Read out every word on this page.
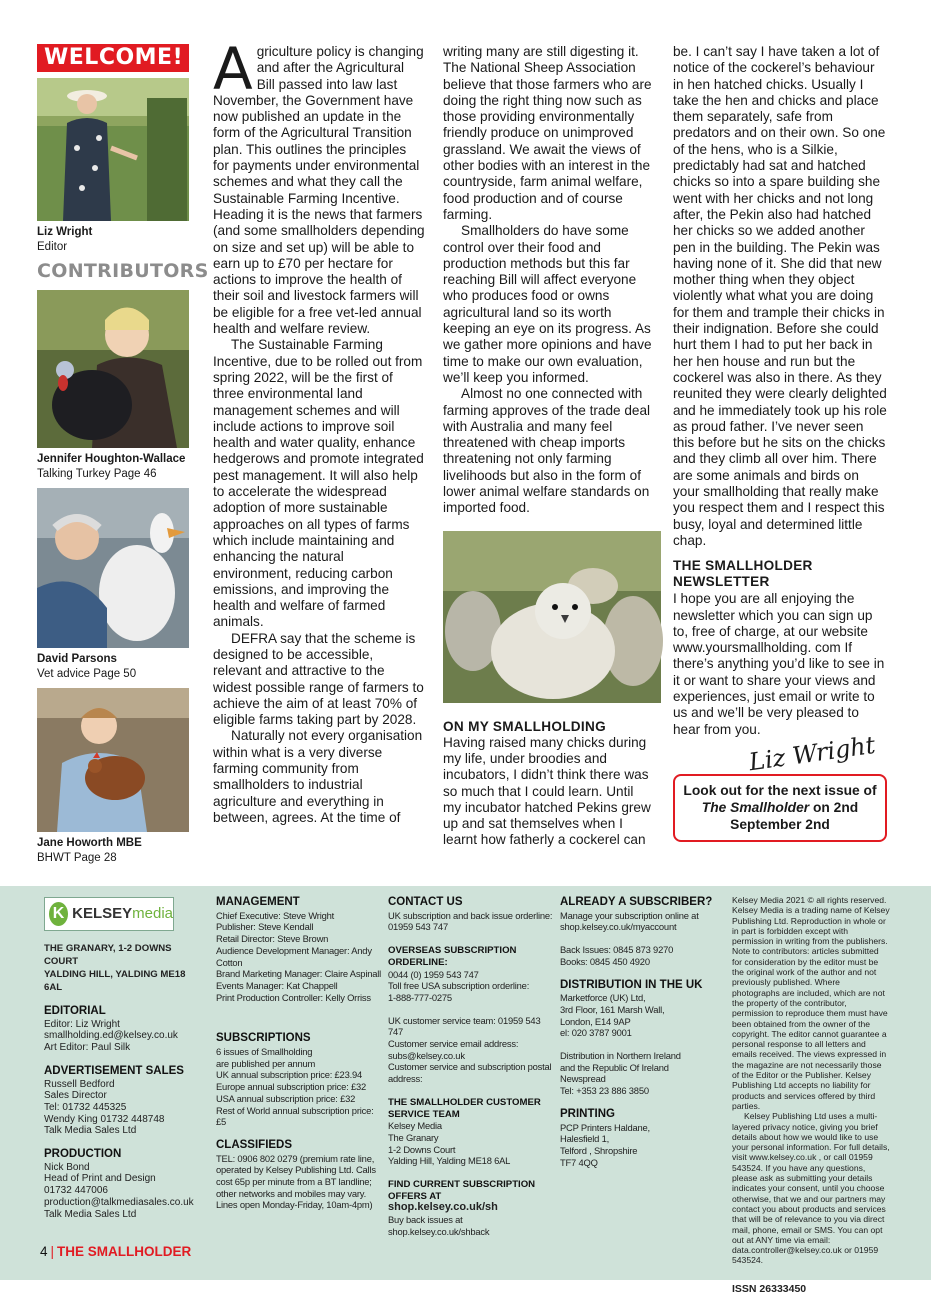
WELCOME!
Liz Wright
Editor
CONTRIBUTORS
Jennifer Houghton-Wallace
Talking Turkey Page 46
David Parsons
Vet advice Page 50
Jane Howorth MBE
BHWT Page 28

Agriculture policy is changing and after the Agricultural Bill passed into law last November, the Government have now published an update in the form of the Agricultural Transition plan. This outlines the principles for payments under environmental schemes and what they call the Sustainable Farming Incentive. Heading it is the news that farmers (and some smallholders depending on size and set up) will be able to earn up to £70 per hectare for actions to improve the health of their soil and livestock farmers will be eligible for a free vet-led annual health and welfare review.

The Sustainable Farming Incentive, due to be rolled out from spring 2022, will be the first of three environmental land management schemes and will include actions to improve soil health and water quality, enhance hedgerows and promote integrated pest management. It will also help to accelerate the widespread adoption of more sustainable approaches on all types of farms which include maintaining and enhancing the natural environment, reducing carbon emissions, and improving the health and welfare of farmed animals.

DEFRA say that the scheme is designed to be accessible, relevant and attractive to the widest possible range of farmers to achieve the aim of at least 70% of eligible farms taking part by 2028.

Naturally not every organisation within what is a very diverse farming community from smallholders to industrial agriculture and everything in between, agrees. At the time of

writing many are still digesting it. The National Sheep Association believe that those farmers who are doing the right thing now such as those providing environmentally friendly produce on unimproved grassland. We await the views of other bodies with an interest in the countryside, farm animal welfare, food production and of course farming.

Smallholders do have some control over their food and production methods but this far reaching Bill will affect everyone who produces food or owns agricultural land so its worth keeping an eye on its progress. As we gather more opinions and have time to make our own evaluation, we’ll keep you informed.

Almost no one connected with farming approves of the trade deal with Australia and many feel threatened with cheap imports threatening not only farming livelihoods but also in the form of lower animal welfare standards on imported food.

ON MY SMALLHOLDING

Having raised many chicks during my life, under broodies and incubators, I didn’t think there was so much that I could learn. Until my incubator hatched Pekins grew up and sat themselves when I learnt how fatherly a cockerel can

be. I can’t say I have taken a lot of notice of the cockerel’s behaviour in hen hatched chicks. Usually I take the hen and chicks and place them separately, safe from predators and on their own. So one of the hens, who is a Silkie, predictably had sat and hatched chicks so into a spare building she went with her chicks and not long after, the Pekin also had hatched her chicks so we added another pen in the building. The Pekin was having none of it. She did that new mother thing when they object violently what what you are doing for them and trample their chicks in their indignation. Before she could hurt them I had to put her back in her hen house and run but the cockerel was also in there. As they reunited they were clearly delighted and he immediately took up his role as proud father. I’ve never seen this before but he sits on the chicks and they climb all over him. There are some animals and birds on your smallholding that really make you respect them and I respect this busy, loyal and determined little chap.

THE SMALLHOLDER NEWSLETTER

I hope you are all enjoying the newsletter which you can sign up to, free of charge, at our website www.yoursmallholding. com If there’s anything you’d like to see in it or want to share your views and experiences, just email or write to us and we’ll be very pleased to hear from you.

Liz Wright
Look out for the next issue of The Smallholder on 2nd September 2nd
K KELSEYmedia
THE GRANARY, 1-2 DOWNS COURT
YALDING HILL, YALDING ME18 6AL
EDITORIAL
Editor: Liz Wright
smallholding.ed@kelsey.co.uk
Art Editor: Paul Silk
ADVERTISEMENT SALES
Russell Bedford
Sales Director
Tel: 01732 445325
Wendy King 01732 448748
Talk Media Sales Ltd
PRODUCTION
Nick Bond
Head of Print and Design
01732 447006
production@talkmediasales.co.uk
Talk Media Sales Ltd
MANAGEMENT
Chief Executive: Steve Wright
Publisher: Steve Kendall
Retail Director: Steve Brown
Audience Development Manager: Andy Cotton
Brand Marketing Manager: Claire Aspinall
Events Manager: Kat Chappell
Print Production Controller: Kelly Orriss
SUBSCRIPTIONS
6 issues of Smallholding
are published per annum
UK annual subscription price: £23.94
Europe annual subscription price: £32
USA annual subscription price: £32
Rest of World annual subscription price: £5
CLASSIFIEDS
TEL: 0906 802 0279 (premium rate line, operated by Kelsey Publishing Ltd. Calls cost 65p per minute from a BT landline; other networks and mobiles may vary. Lines open Monday-Friday, 10am-4pm)
CONTACT US
UK subscription and back issue orderline:
01959 543 747
OVERSEAS SUBSCRIPTION ORDERLINE:
0044 (0) 1959 543 747
Toll free USA subscription orderline:
1-888-777-0275
UK customer service team: 01959 543 747
Customer service email address:
subs@kelsey.co.uk
Customer service and subscription postal
address:
THE SMALLHOLDER CUSTOMER SERVICE TEAM
Kelsey Media
The Granary
1-2 Downs Court
Yalding Hill, Yalding ME18 6AL
FIND CURRENT SUBSCRIPTION OFFERS AT
shop.kelsey.co.uk/sh
Buy back issues at shop.kelsey.co.uk/shback
ALREADY A SUBSCRIBER?
Manage your subscription online at
shop.kelsey.co.uk/myaccount
Back Issues: 0845 873 9270
Books: 0845 450 4920
DISTRIBUTION IN THE UK
Marketforce (UK) Ltd,
3rd Floor, 161 Marsh Wall,
London, E14 9AP
el: 020 3787 9001
Distribution in Northern Ireland
and the Republic Of Ireland
Newspread
Tel: +353 23 886 3850
PRINTING
PCP Printers Haldane,
Halesfield 1,
Telford , Shropshire
TF7 4QQ

Kelsey Media 2021 © all rights reserved. Kelsey Media is a trading name of Kelsey Publishing Ltd. Reproduction in whole or in part is forbidden except with permission in writing from the publishers. Note to contributors: articles submitted for consideration by the editor must be the original work of the author and not previously published. Where photographs are included, which are not the property of the contributor, permission to reproduce them must have been obtained from the owner of the copyright. The editor cannot guarantee a personal response to all letters and emails received. The views expressed in the magazine are not necessarily those of the Editor or the Publisher. Kelsey Publishing Ltd accepts no liability for products and services offered by third parties.

Kelsey Publishing Ltd uses a multi-layered privacy notice, giving you brief details about how we would like to use your personal information. For full details, visit www.kelsey.co.uk , or call 01959 543524. If you have any questions, please ask as submitting your details indicates your consent, until you choose otherwise, that we and our partners may contact you about products and services that will be of relevance to you via direct mail, phone, email or SMS. You can opt out at ANY time via email: data.controller@kelsey.co.uk or 01959 543524.

ISSN 26333450
4 | THE SMALLHOLDER
